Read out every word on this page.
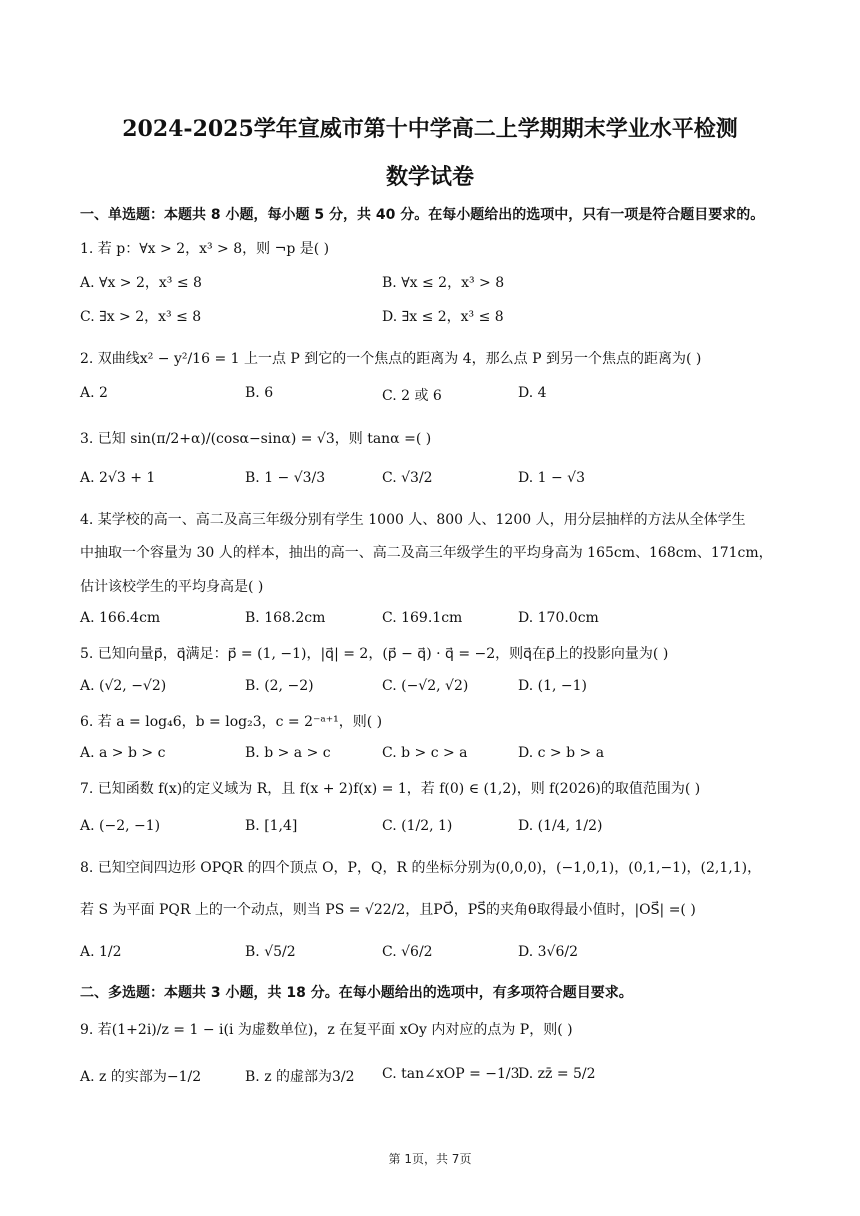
2024-2025学年宣威市第十中学高二上学期期末学业水平检测
数学试卷
一、单选题：本题共 8 小题，每小题 5 分，共 40 分。在每小题给出的选项中，只有一项是符合题目要求的。
1. 若 p：∀x > 2，x³ > 8，则 ¬p 是( )
A. ∀x > 2，x³ ≤ 8	B. ∀x ≤ 2，x³ > 8
C. ∃x > 2，x³ ≤ 8	D. ∃x ≤ 2，x³ ≤ 8
2. 双曲线x² − y²/16 = 1 上一点 P 到它的一个焦点的距离为 4，那么点 P 到另一个焦点的距离为( )
A. 2	B. 6	C. 2 或 6	D. 4
3. 已知 sin(π/2+α)/(cosα−sinα) = √3，则 tanα =( )
A. 2√3 + 1	B. 1 − √3/3	C. √3/2	D. 1 − √3
4. 某学校的高一、高二及高三年级分别有学生 1000 人、800 人、1200 人，用分层抽样的方法从全体学生
中抽取一个容量为 30 人的样本，抽出的高一、高二及高三年级学生的平均身高为 165cm、168cm、171cm，
估计该校学生的平均身高是( )
A. 166.4cm	B. 168.2cm	C. 169.1cm	D. 170.0cm
5. 已知向量p⃗，q⃗满足：p⃗ = (1, −1)，|q⃗| = 2，(p⃗ − q⃗) · q⃗ = −2，则q⃗在p⃗上的投影向量为( )
A. (√2, −√2)	B. (2, −2)	C. (−√2, √2)	D. (1, −1)
6. 若 a = log₄6，b = log₂3，c = 2⁻ᵃ⁺¹，则( )
A. a > b > c	B. b > a > c	C. b > c > a	D. c > b > a
7. 已知函数 f(x)的定义域为 R，且 f(x + 2)f(x) = 1，若 f(0) ∈ (1,2)，则 f(2026)的取值范围为( )
A. (−2, −1)	B. [1,4]	C. (1/2, 1)	D. (1/4, 1/2)
8. 已知空间四边形 OPQR 的四个顶点 O，P，Q，R 的坐标分别为(0,0,0)，(−1,0,1)，(0,1,−1)，(2,1,1)，
若 S 为平面 PQR 上的一个动点，则当 PS = √22/2，且PO⃗，PS⃗的夹角θ取得最小值时，|OS⃗| =( )
A. 1/2	B. √5/2	C. √6/2	D. 3√6/2
二、多选题：本题共 3 小题，共 18 分。在每小题给出的选项中，有多项符合题目要求。
9. 若(1+2i)/z = 1 − i(i 为虚数单位)，z 在复平面 xOy 内对应的点为 P，则( )
A. z 的实部为−1/2	B. z 的虚部为3/2 C. tan∠xOP = −1/3
D. zz̄ = 5/2
第 1页，共 7页
